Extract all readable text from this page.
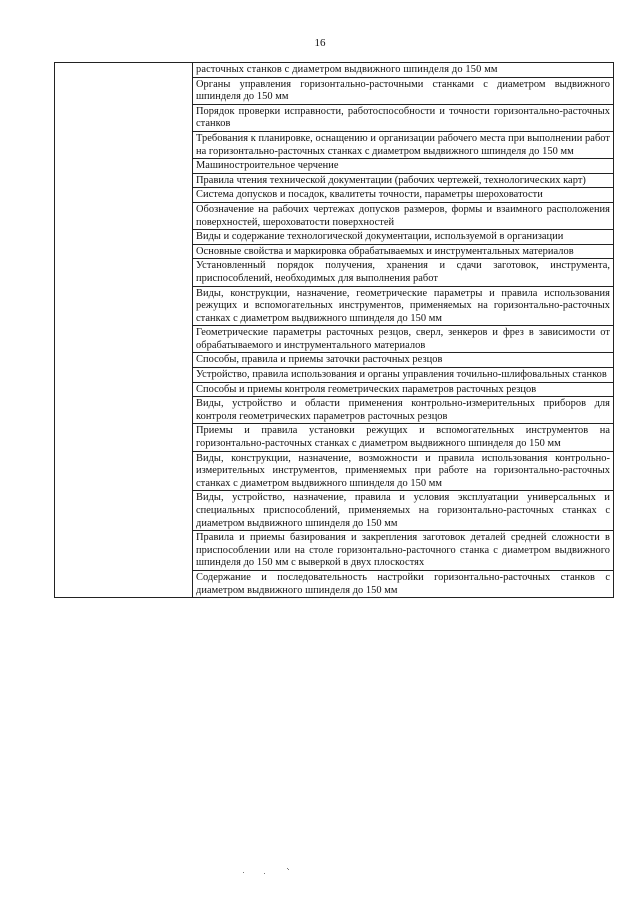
16
	расточных станков с диаметром выдвижного шпинделя до 150 мм
Органы управления горизонтально-расточными станками с диаметром выдвижного шпинделя до 150 мм
Порядок проверки исправности, работоспособности и точности горизонтально-расточных станков
Требования к планировке, оснащению и организации рабочего места при выполнении работ на горизонтально-расточных станках с диаметром выдвижного шпинделя до 150 мм
Машиностроительное черчение
Правила чтения технической документации (рабочих чертежей, технологических карт)
Система допусков и посадок, квалитеты точности, параметры шероховатости
Обозначение на рабочих чертежах допусков размеров, формы и взаимного расположения поверхностей, шероховатости поверхностей
Виды и содержание технологической документации, используемой в организации
Основные свойства и маркировка обрабатываемых и инструментальных материалов
Установленный порядок получения, хранения и сдачи заготовок, инструмента, приспособлений, необходимых для выполнения работ
Виды, конструкции, назначение, геометрические параметры и правила использования режущих и вспомогательных инструментов, применяемых на горизонтально-расточных станках с диаметром выдвижного шпинделя до 150 мм
Геометрические параметры расточных резцов, сверл, зенкеров и фрез в зависимости от обрабатываемого и инструментального материалов
Способы, правила и приемы заточки расточных резцов
Устройство, правила использования и органы управления точильно-шлифовальных станков
Способы и приемы контроля геометрических параметров расточных резцов
Виды, устройство и области применения контрольно-измерительных приборов для контроля геометрических параметров расточных резцов
Приемы и правила установки режущих и вспомогательных инструментов на горизонтально-расточных станках с диаметром выдвижного шпинделя до 150 мм
Виды, конструкции, назначение, возможности и правила использования контрольно-измерительных инструментов, применяемых при работе на горизонтально-расточных станках с диаметром выдвижного шпинделя до 150 мм
Виды, устройство, назначение, правила и условия эксплуатации универсальных и специальных приспособлений, применяемых на горизонтально-расточных станках с диаметром выдвижного шпинделя до 150 мм
Правила и приемы базирования и закрепления заготовок деталей средней сложности в приспособлении или на столе горизонтально-расточного станка с диаметром выдвижного шпинделя до 150 мм с выверкой в двух плоскостях
Содержание и последовательность настройки горизонтально-расточных станков с диаметром выдвижного шпинделя до 150 мм
